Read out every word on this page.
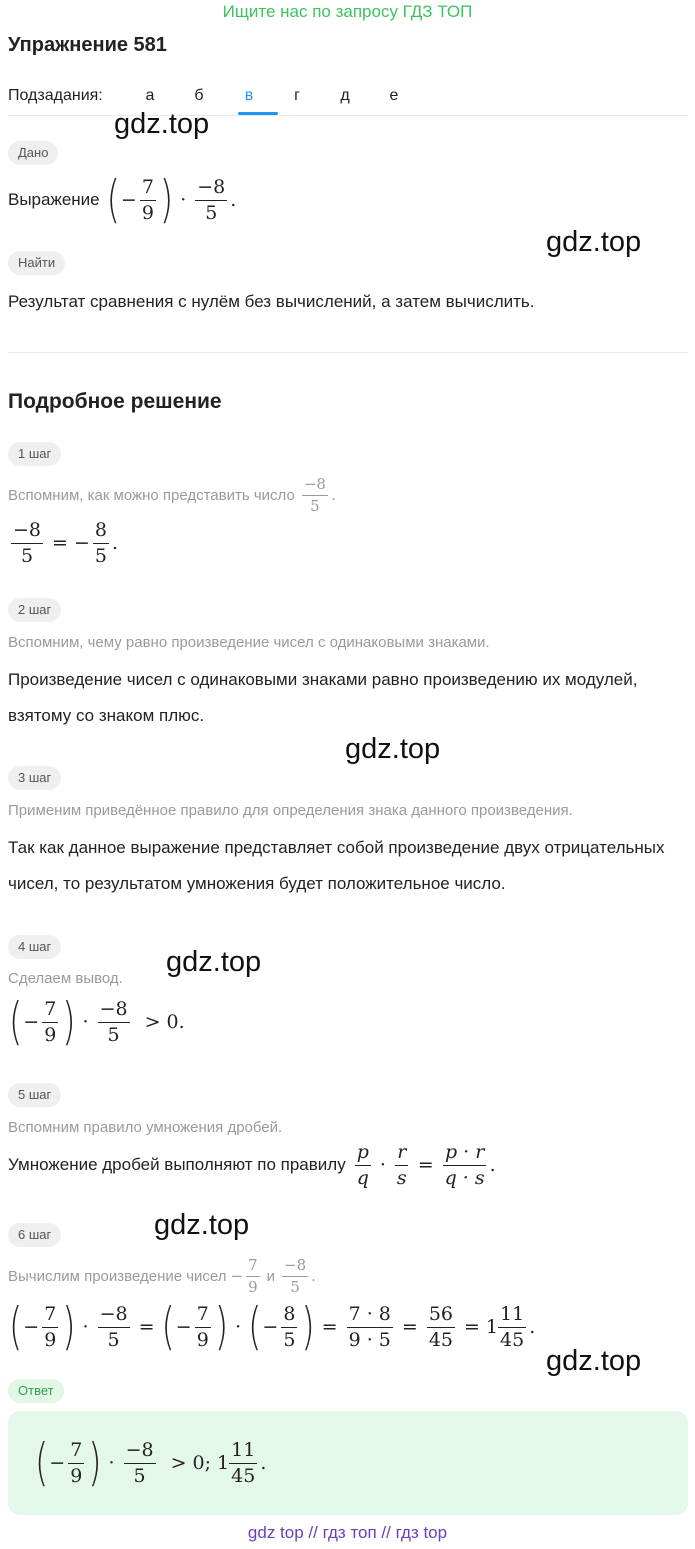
Ищите нас по запросу ГДЗ ТОП
Упражнение 581
Подзадания:	а	б	в	г	д	е
Дано
Выражение ( − $\frac{7}{9}$ ) · $\frac{-8}{5}$ .
Найти
Результат сравнения с нулём без вычислений, а затем вычислить.
Подробное решение
1 шаг
Вспомним, как можно представить число $\frac{-8}{5}$ .
$\frac{-8}{5}$ = − $\frac{8}{5}$ .
2 шаг
Вспомним, чему равно произведение чисел с одинаковыми знаками.
Произведение чисел с одинаковыми знаками равно произведению их модулей, взятому со знаком плюс.
3 шаг
Применим приведённое правило для определения знака данного произведения.
Так как данное выражение представляет собой произведение двух отрицательных чисел, то результатом умножения будет положительное число.
4 шаг
Сделаем вывод.
( − $\frac{7}{9}$ ) · $\frac{-8}{5} > 0$ .
5 шаг
Вспомним правило умножения дробей.
Умножение дробей выполняют по правилу $\frac{p}{q} \cdot \frac{r}{s} = \frac{p \cdot r}{q \cdot s}$ .
6 шаг
Вычислим произведение чисел − $\frac{7}{9}$ и $\frac{-8}{5}$ .
( − $\frac{7}{9}$ ) · $\frac{-8}{5}$ = ( − $\frac{7}{9}$ ) · ( − $\frac{8}{5}$ ) = $\frac{7 \cdot 8}{9 \cdot 5} = \frac{56}{45} = 1 \frac{11}{45}$ .
Ответ
( − $\frac{7}{9}$ ) · $\frac{-8}{5} > 0$; $1 \frac{11}{45}$ .
gdz.top
gdz.top
gdz.top
gdz.top
gdz.top
gdz.top
gdz top // гдз топ // гдз top
